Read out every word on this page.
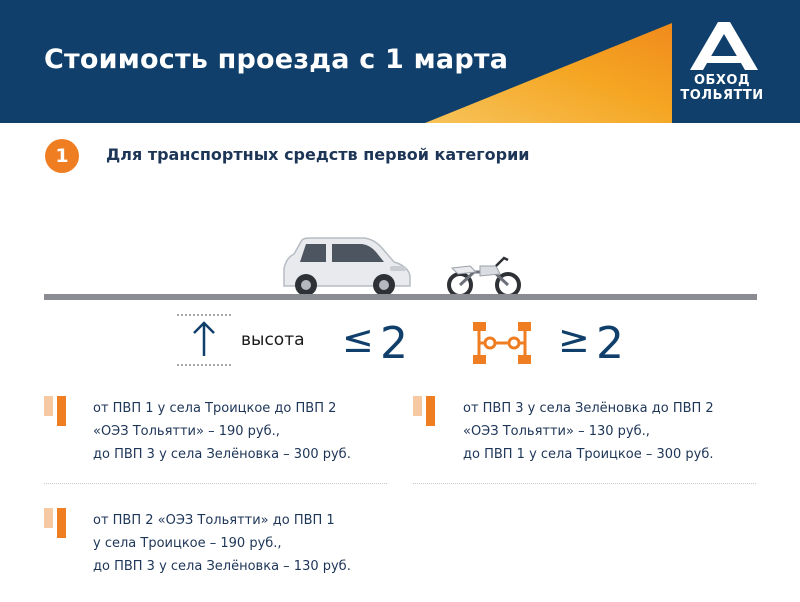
Стоимость проезда с 1 марта
ОБХОД
ТОЛЬЯТТИ
1	Для транспортных средств первой категории
высота ≤ 2	≥ 2
от ПВП 1 у села Троицкое до ПВП 2
«ОЭЗ Тольятти» – 190 руб.,
до ПВП 3 у села Зелёновка – 300 руб.
от ПВП 3 у села Зелёновка до ПВП 2
«ОЭЗ Тольятти» – 130 руб.,
до ПВП 1 у села Троицкое – 300 руб.
от ПВП 2 «ОЭЗ Тольятти» до ПВП 1
у села Троицкое – 190 руб.,
до ПВП 3 у села Зелёновка – 130 руб.
